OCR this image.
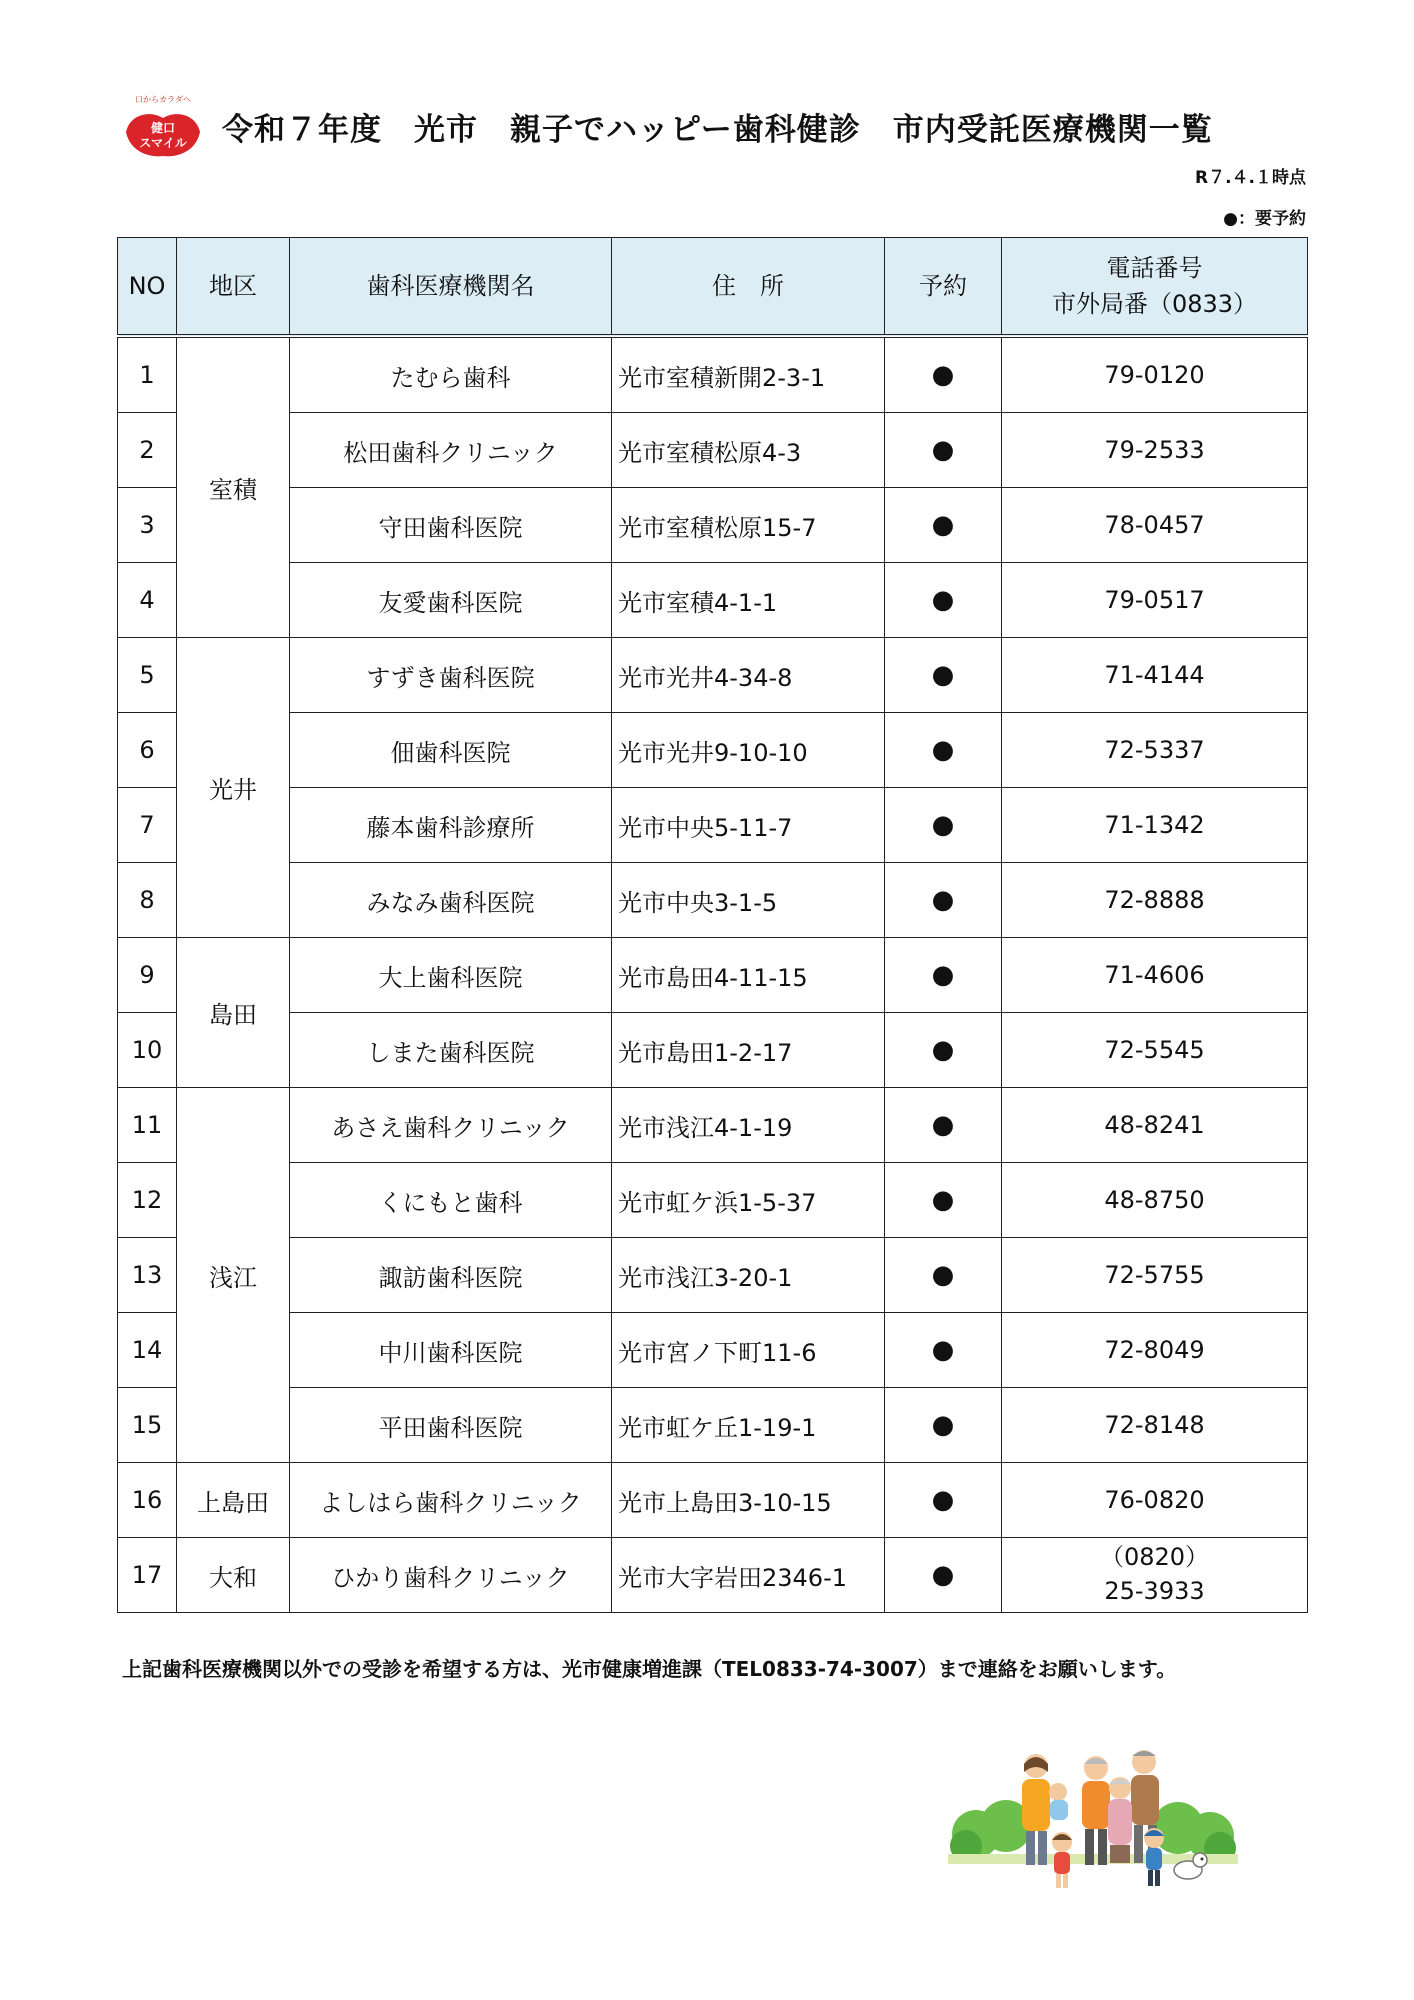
口からカラダへ
健口
スマイル 令和７年度　光市　親子でハッピー歯科健診　市内受託医療機関一覧
R７.４.１時点
●：要予約
NO	地区	歯科医療機関名	住　所	予約	電話番号
市外局番（0833）

1	室積	たむら歯科	光市室積新開2-3-1	●	79-0120
2		松田歯科クリニック	光市室積松原4-3	●	79-2533
3		守田歯科医院	光市室積松原15-7	●	78-0457
4		友愛歯科医院	光市室積4-1-1	●	79-0517
5	光井	すずき歯科医院	光市光井4-34-8	●	71-4144
6		佃歯科医院	光市光井9-10-10	●	72-5337
7		藤本歯科診療所	光市中央5-11-7	●	71-1342
8		みなみ歯科医院	光市中央3-1-5	●	72-8888
9	島田	大上歯科医院	光市島田4-11-15	●	71-4606
10		しまた歯科医院	光市島田1-2-17	●	72-5545
11	浅江	あさえ歯科クリニック	光市浅江4-1-19	●	48-8241
12		くにもと歯科	光市虹ケ浜1-5-37	●	48-8750
13		諏訪歯科医院	光市浅江3-20-1	●	72-5755
14		中川歯科医院	光市宮ノ下町11-6	●	72-8049
15		平田歯科医院	光市虹ケ丘1-19-1	●	72-8148
16	上島田	よしはら歯科クリニック	光市上島田3-10-15	●	76-0820
17	大和	ひかり歯科クリニック	光市大字岩田2346-1	●	（0820）
25-3933
上記歯科医療機関以外での受診を希望する方は、光市健康増進課（TEL0833-74-3007）まで連絡をお願いします。
